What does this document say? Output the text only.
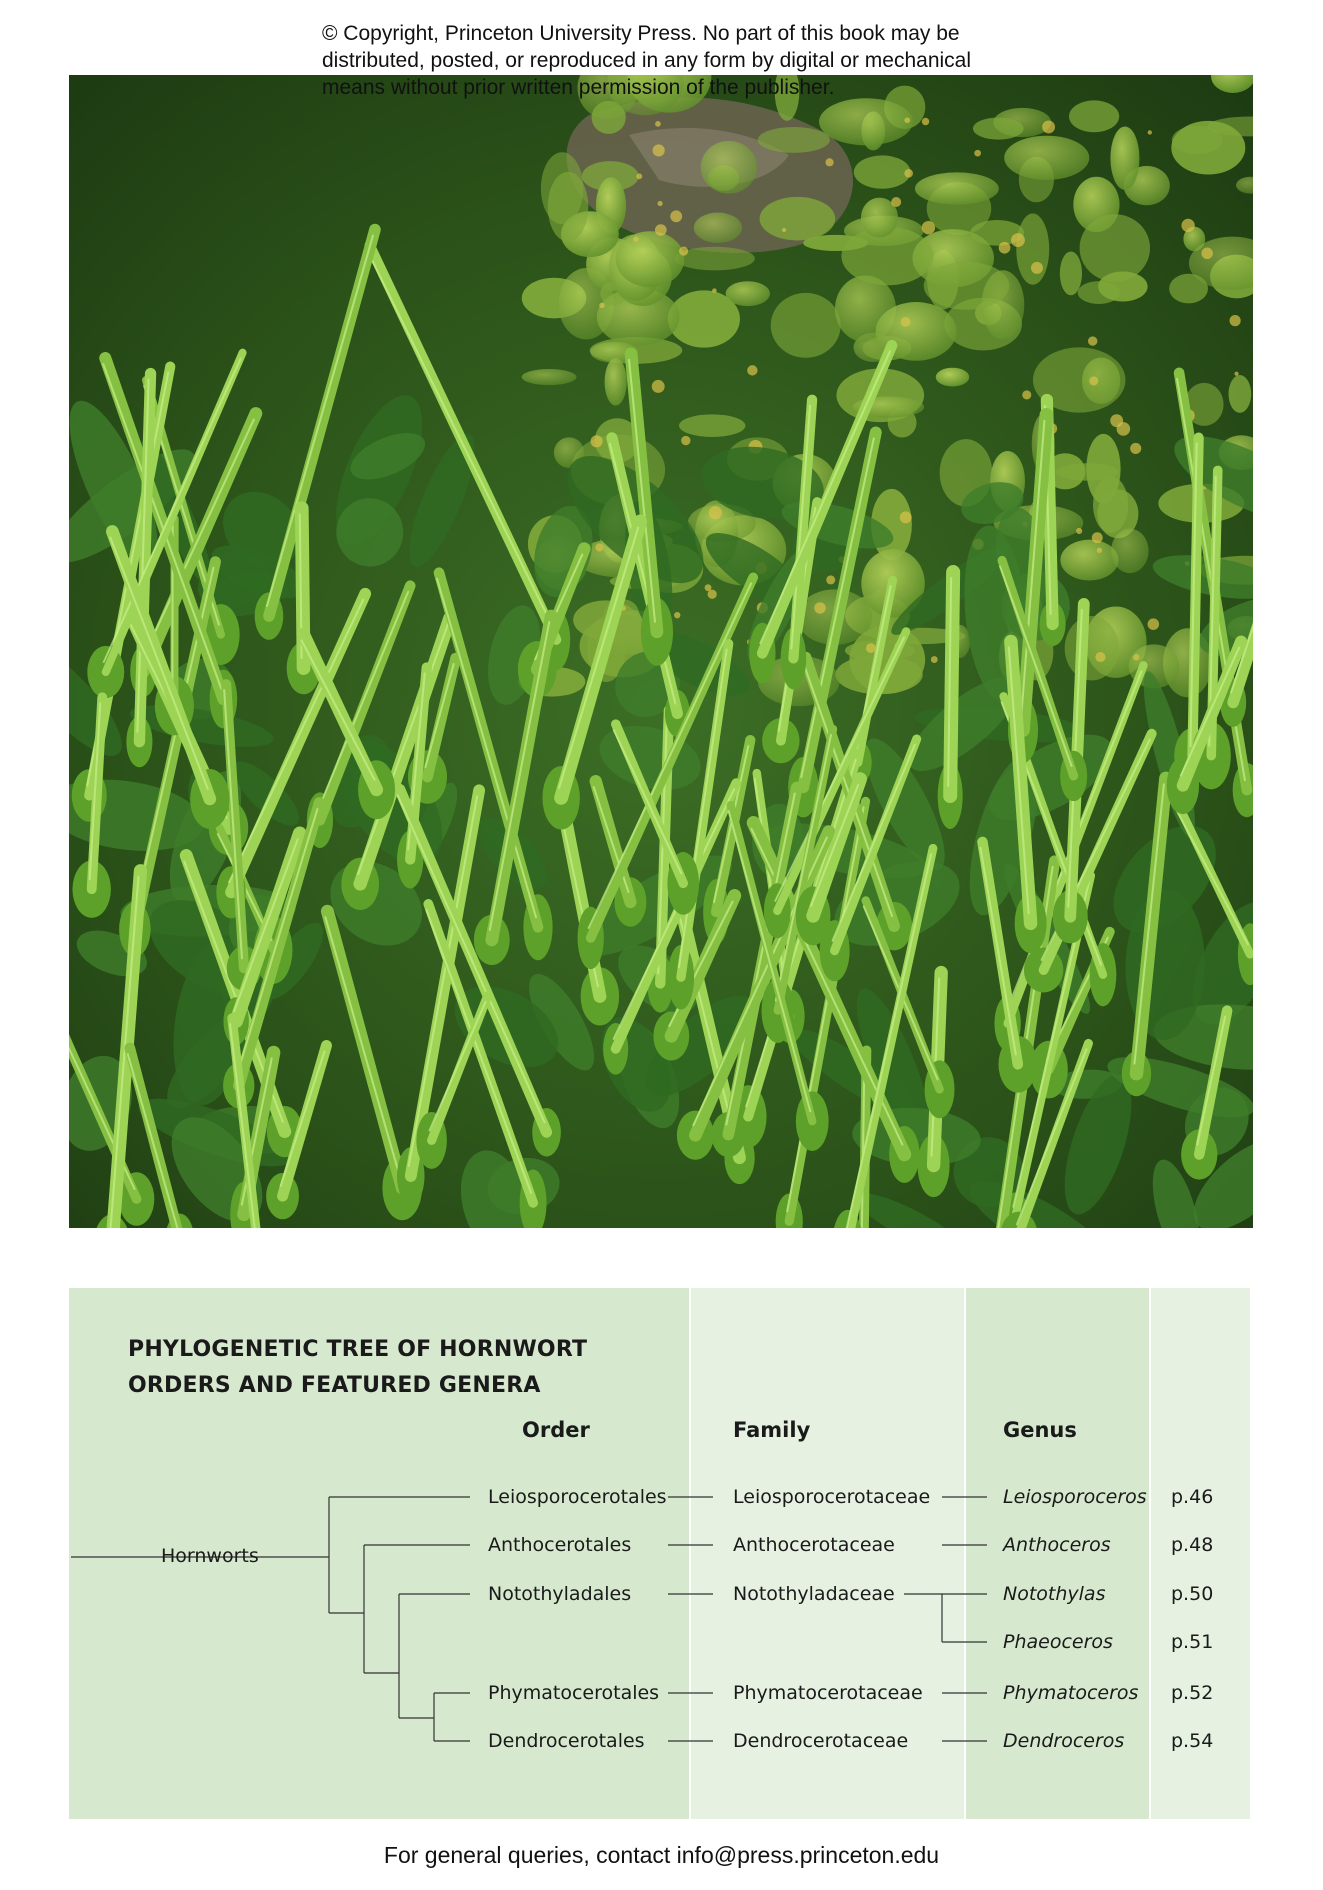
© Copyright, Princeton University Press. No part of this book may be
distributed, posted, or reproduced in any form by digital or mechanical
means without prior written permission of the publisher.
PHYLOGENETIC TREE OF HORNWORT
ORDERS AND FEATURED GENERA
Order	Family	Genus
Hornworts
Leiosporocerotales	Leiosporocerotaceae	Leiosporoceros p.46
Anthocerotales	Anthocerotaceae	Anthoceros	p.48
Notothyladales	Notothyladaceae	Notothylas	p.50
Phaeoceros	p.51
Phymatocerotales	Phymatocerotaceae	Phymatoceros p.52
Dendrocerotales	Dendrocerotaceae	Dendroceros p.54
For general queries, contact info@press.princeton.edu
